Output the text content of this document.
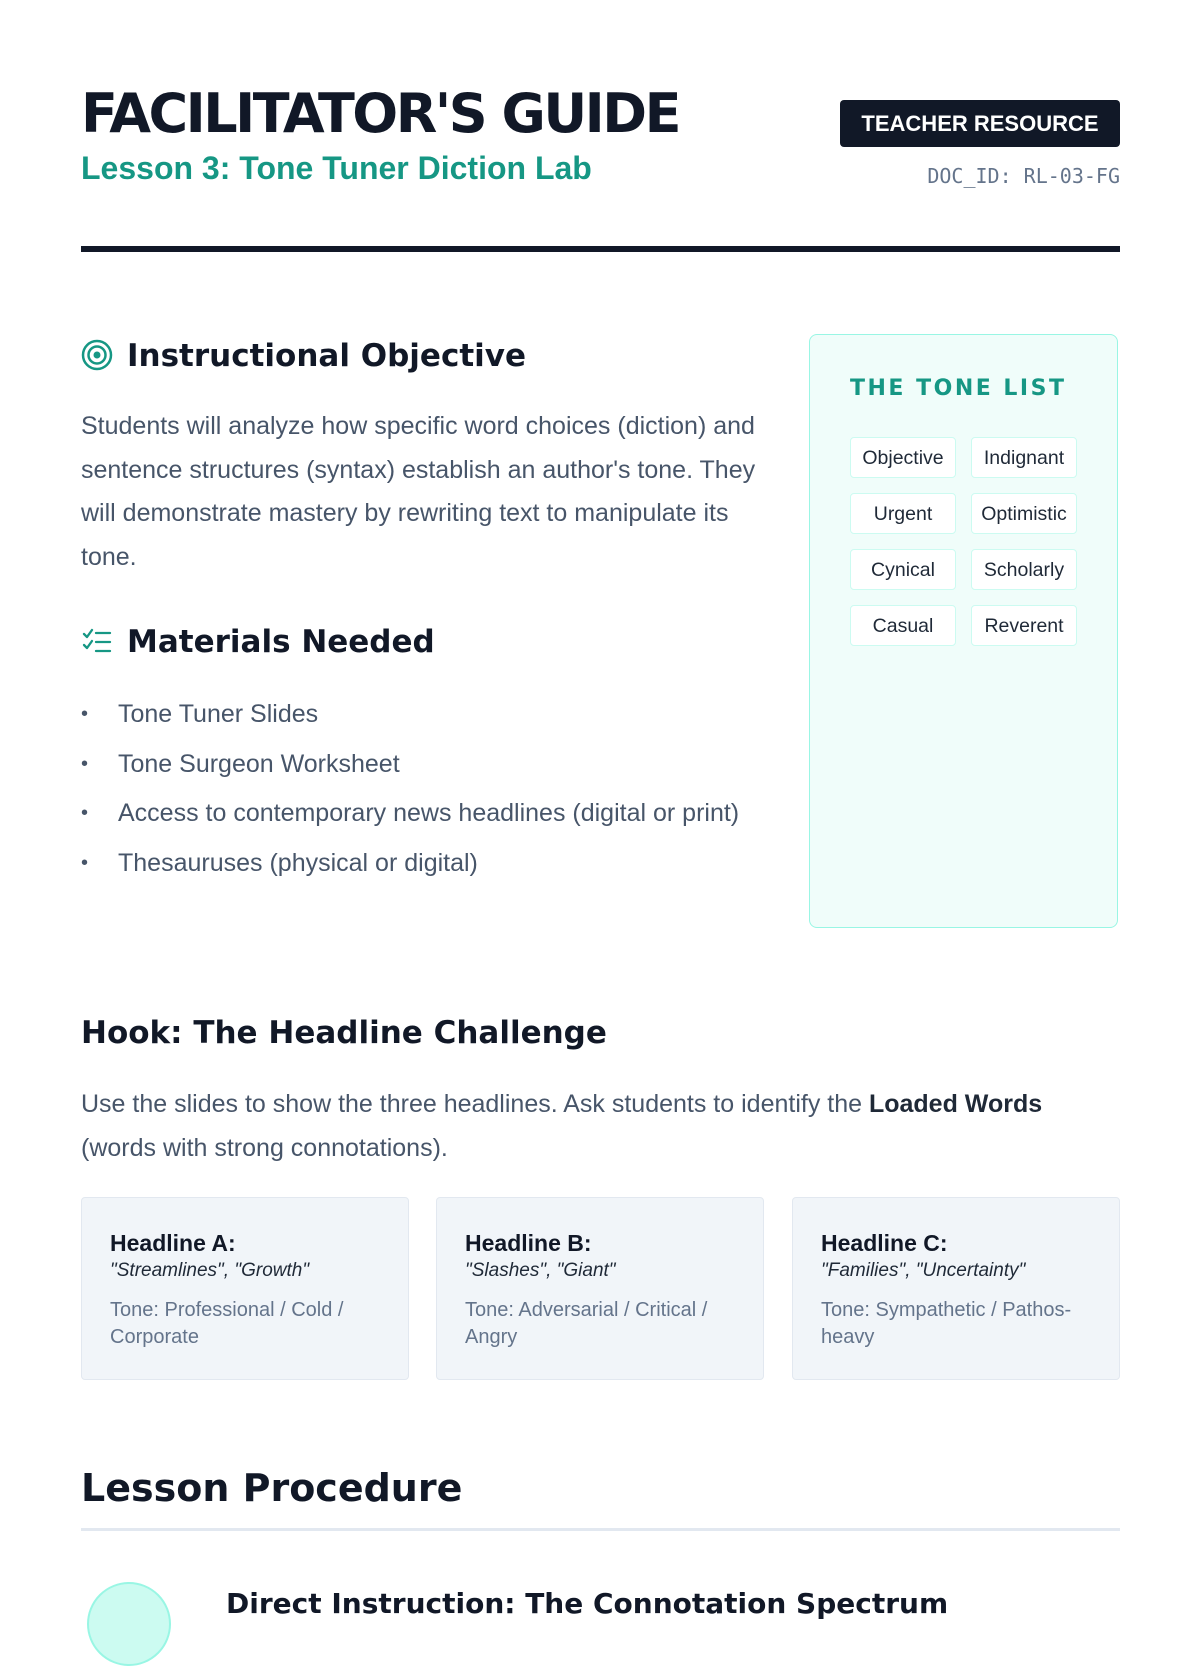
FACILITATOR'S GUIDE
Lesson 3: Tone Tuner Diction Lab
TEACHER RESOURCE
DOC_ID: RL-03-FG
Instructional Objective

Students will analyze how specific word choices (diction) and sentence structures (syntax) establish an author's tone. They will demonstrate mastery by rewriting text to manipulate its tone.

Materials Needed
• Tone Tuner Slides
• Tone Surgeon Worksheet
• Access to contemporary news headlines (digital or print)
• Thesauruses (physical or digital)
THE TONE LIST
Objective	Indignant
Urgent	Optimistic
Cynical	Scholarly
Casual	Reverent
Hook: The Headline Challenge

Use the slides to show the three headlines. Ask students to identify the Loaded Words (words with strong connotations).

Headline A:
"Streamlines", "Growth"
Tone: Professional / Cold / Corporate
Headline B:
"Slashes", "Giant"
Tone: Adversarial / Critical / Angry
Headline C:
"Families", "Uncertainty"
Tone: Sympathetic / Pathos-heavy
Lesson Procedure
Direct Instruction: The Connotation Spectrum
